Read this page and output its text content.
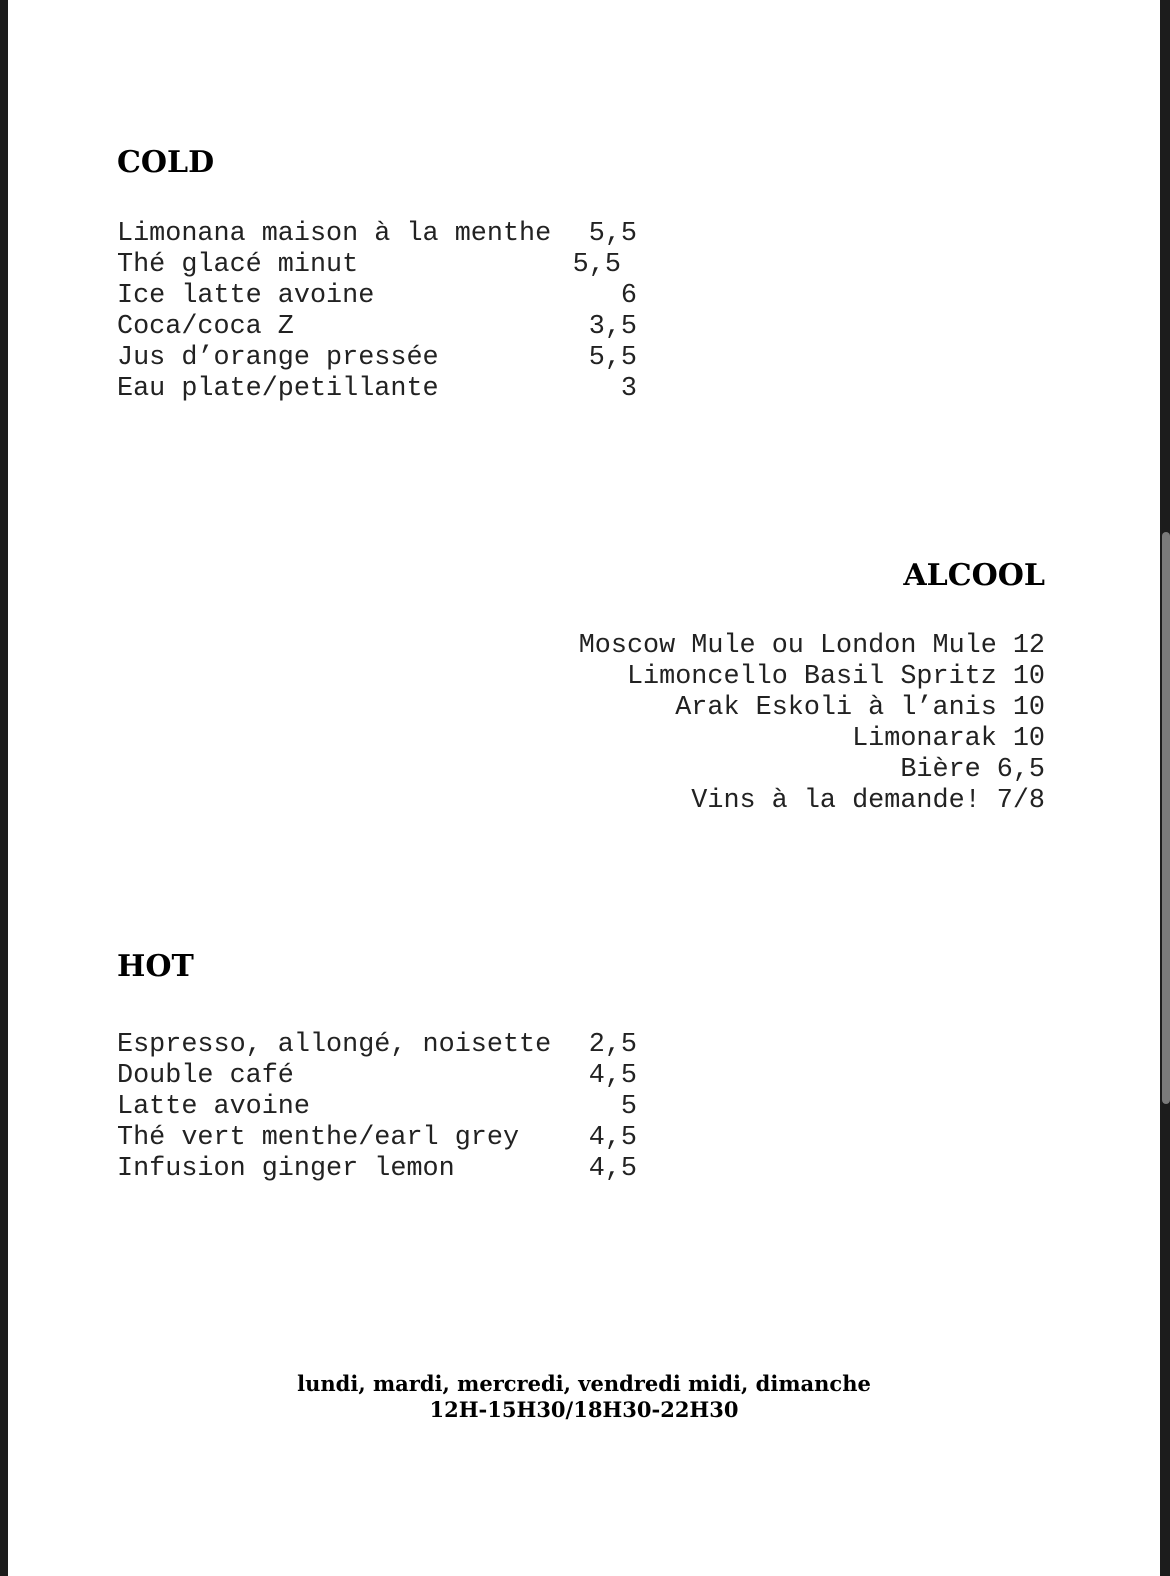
COLD
Limonana maison à la menthe 5,5
Thé glacé minut	5,5
Ice latte avoine	6
Coca/coca Z	3,5
Jus d’orange pressée	5,5
Eau plate/petillante	3
ALCOOL
Moscow Mule ou London Mule 12
Limoncello Basil Spritz 10
Arak Eskoli à l’anis 10
Limonarak 10
Bière 6,5
Vins à la demande! 7/8
HOT
Espresso, allongé, noisette 2,5
Double café	4,5
Latte avoine	5
Thé vert menthe/earl grey	4,5
Infusion ginger lemon	4,5
lundi, mardi, mercredi, vendredi midi, dimanche
12H-15H30/18H30-22H30
